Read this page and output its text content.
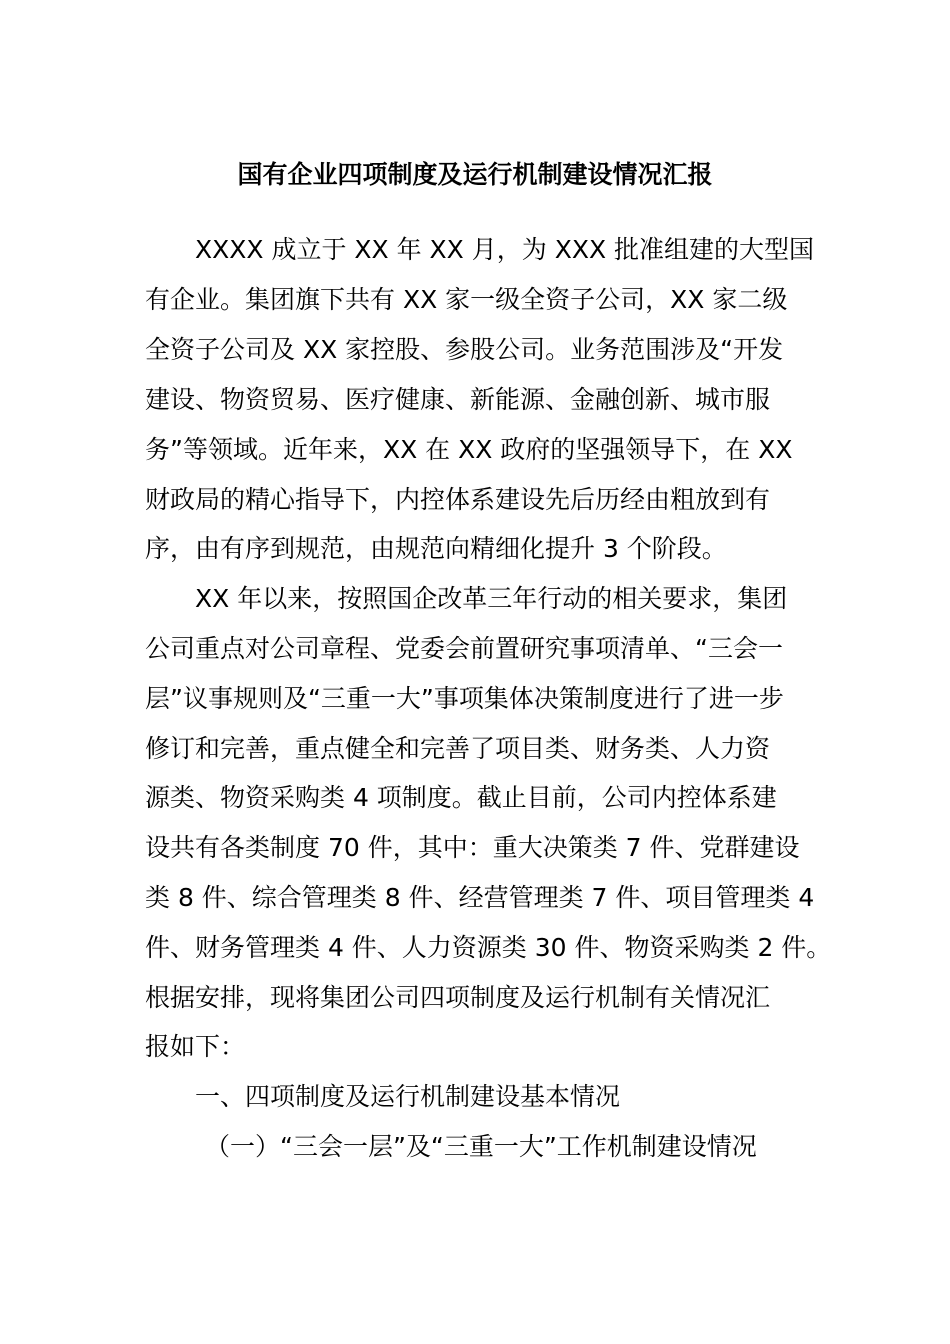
国有企业四项制度及运行机制建设情况汇报
XXXX 成立于 XX 年 XX 月，为 XXX 批准组建的大型国
有企业。集团旗下共有 XX 家一级全资子公司，XX 家二级
全资子公司及 XX 家控股、参股公司。业务范围涉及“开发
建设、物资贸易、医疗健康、新能源、金融创新、城市服
务”等领域。近年来，XX 在 XX 政府的坚强领导下，在 XX
财政局的精心指导下，内控体系建设先后历经由粗放到有
序，由有序到规范，由规范向精细化提升 3 个阶段。
XX 年以来，按照国企改革三年行动的相关要求，集团
公司重点对公司章程、党委会前置研究事项清单、“三会一
层”议事规则及“三重一大”事项集体决策制度进行了进一步
修订和完善，重点健全和完善了项目类、财务类、人力资
源类、物资采购类 4 项制度。截止目前，公司内控体系建
设共有各类制度 70 件，其中：重大决策类 7 件、党群建设
类 8 件、综合管理类 8 件、经营管理类 7 件、项目管理类 4
件、财务管理类 4 件、人力资源类 30 件、物资采购类 2 件。
根据安排，现将集团公司四项制度及运行机制有关情况汇
报如下：
一、四项制度及运行机制建设基本情况
（一）“三会一层”及“三重一大”工作机制建设情况
